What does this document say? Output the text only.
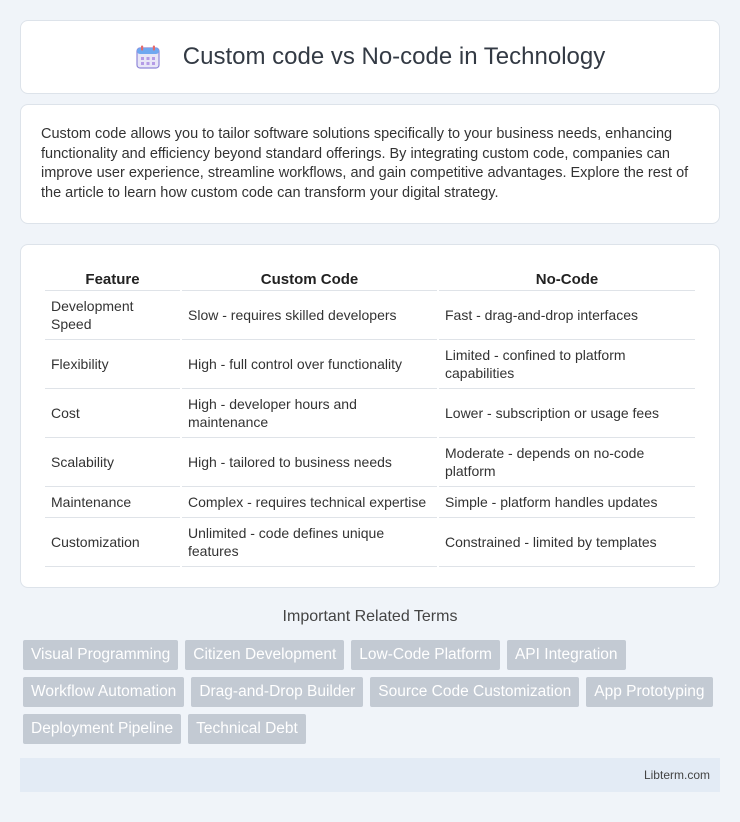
Custom code vs No-code in Technology

Custom code allows you to tailor software solutions specifically to your business needs, enhancing functionality and efficiency beyond standard offerings. By integrating custom code, companies can improve user experience, streamline workflows, and gain competitive advantages. Explore the rest of the article to learn how custom code can transform your digital strategy.

Feature	Custom Code	No-Code
Development Speed	Slow - requires skilled developers	Fast - drag-and-drop interfaces
Flexibility	High - full control over functionality	Limited - confined to platform capabilities
Cost	High - developer hours and maintenance	Lower - subscription or usage fees
Scalability	High - tailored to business needs	Moderate - depends on no-code platform
Maintenance	Complex - requires technical expertise	Simple - platform handles updates
Customization	Unlimited - code defines unique features	Constrained - limited by templates
Important Related Terms
Visual Programming	Citizen Development	Low-Code Platform	API Integration
Workflow Automation	Drag-and-Drop Builder	Source Code Customization	App Prototyping
Deployment Pipeline	Technical Debt
Libterm.com
